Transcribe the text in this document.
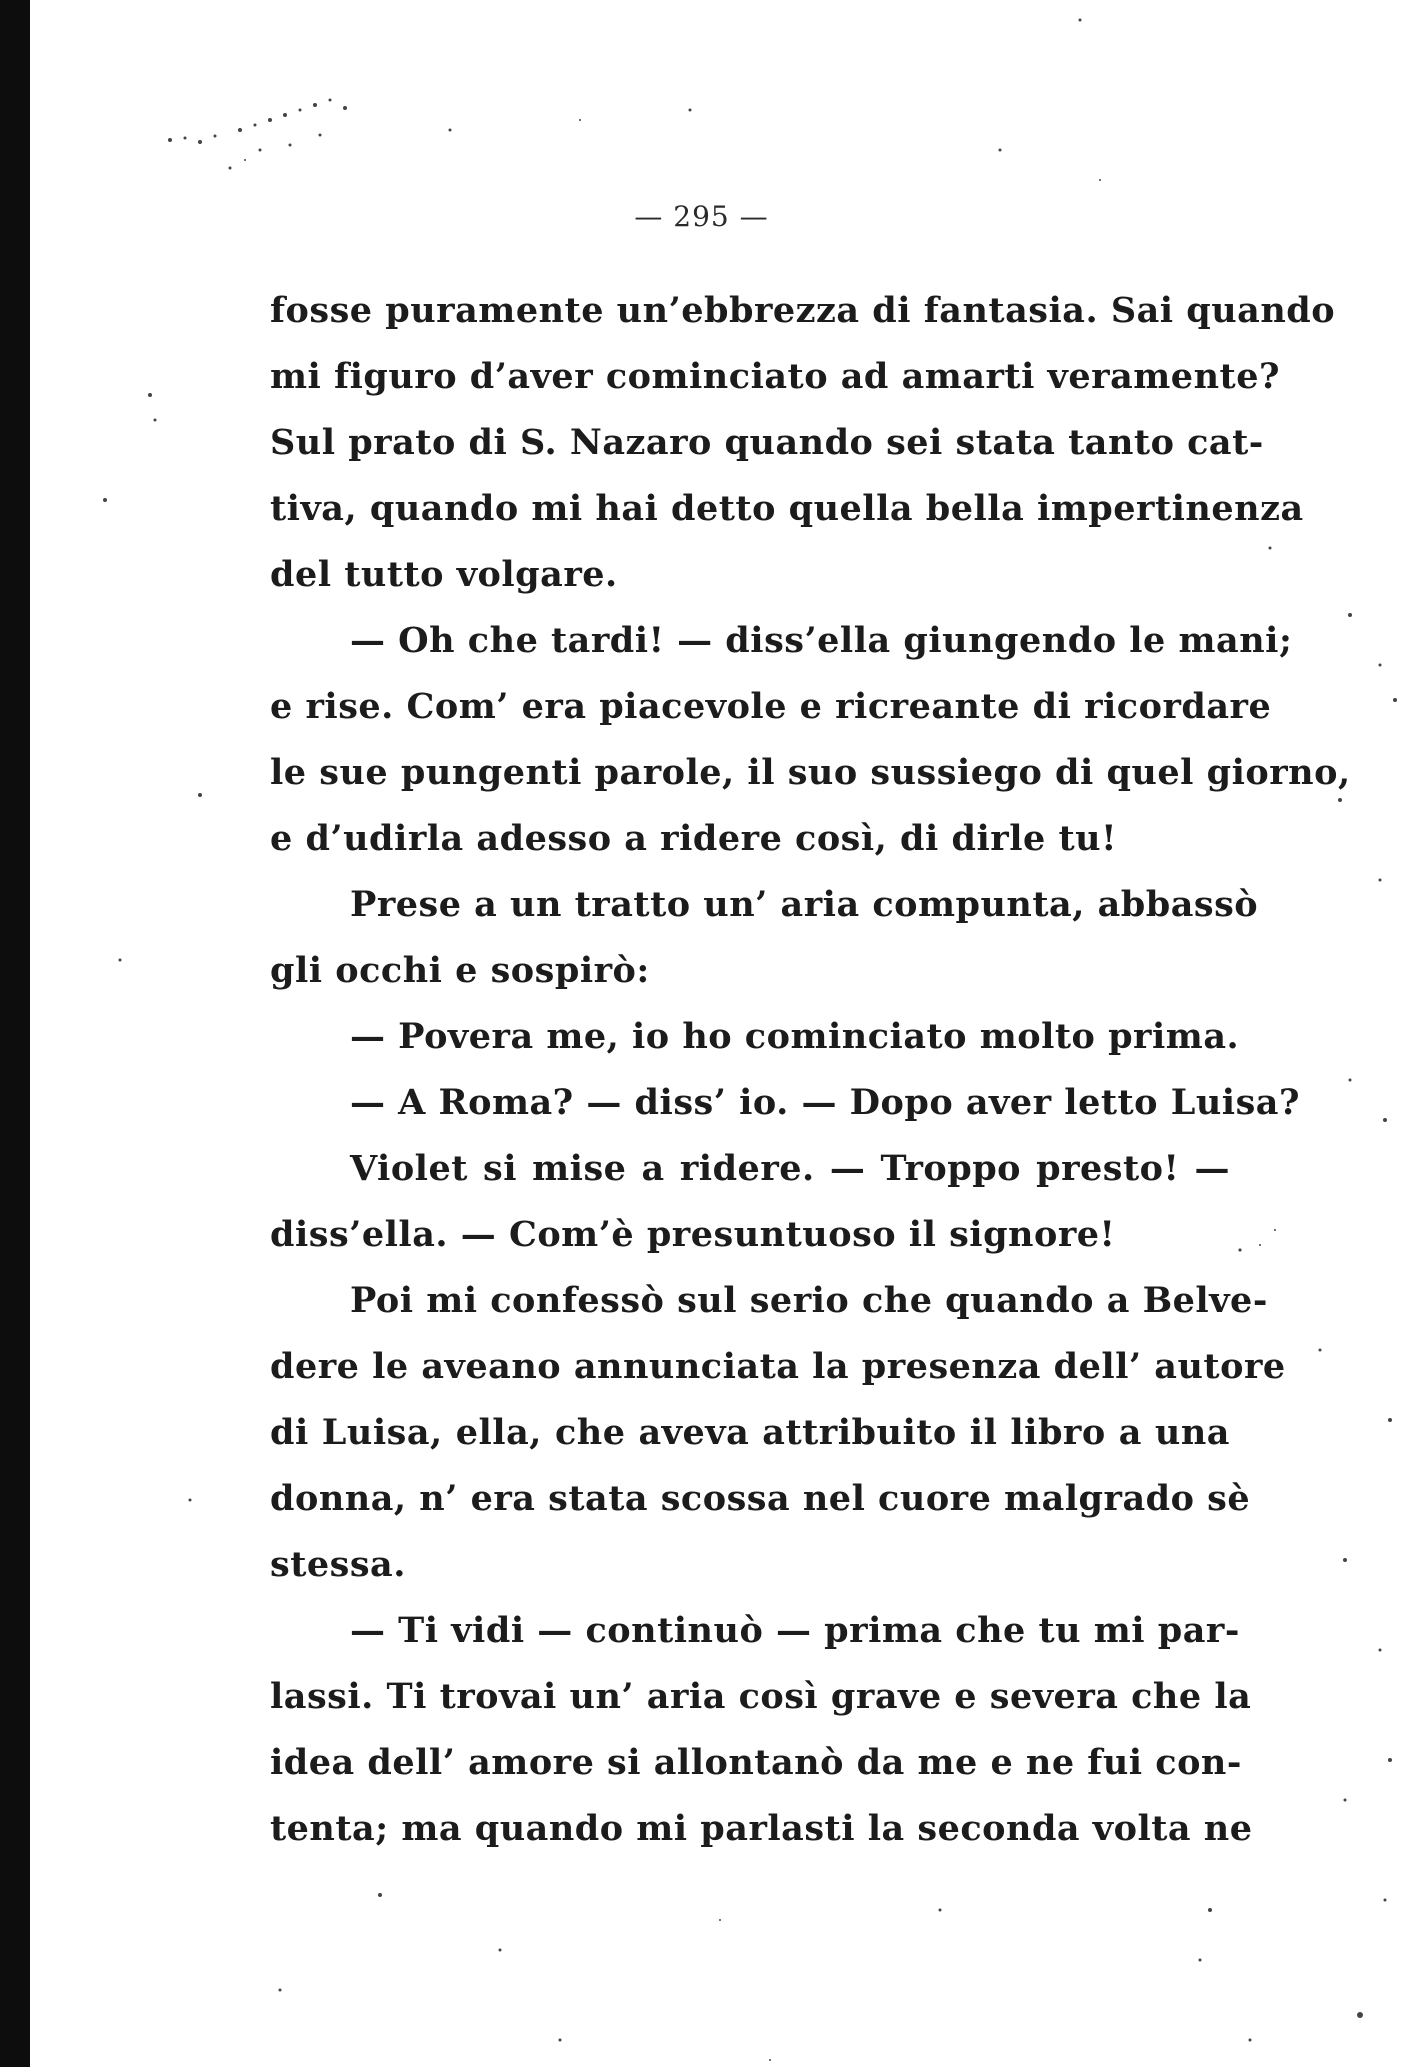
— 295 —
fosse puramente un’ebbrezza di fantasia. Sai quando
mi figuro d’aver cominciato ad amarti veramente?
Sul prato di S. Nazaro quando sei stata tanto cat-
tiva, quando mi hai detto quella bella impertinenza
del tutto volgare.
— Oh che tardi! — diss’ella giungendo le mani;
e rise. Com’ era piacevole e ricreante di ricordare
le sue pungenti parole, il suo sussiego di quel giorno,
e d’udirla adesso a ridere così, di dirle tu!
Prese a un tratto un’ aria compunta, abbassò
gli occhi e sospirò:
— Povera me, io ho cominciato molto prima.
— A Roma? — diss’ io. — Dopo aver letto Luisa?
Violet si mise a ridere. — Troppo presto! —
diss’ella. — Com’è presuntuoso il signore!
Poi mi confessò sul serio che quando a Belve-
dere le aveano annunciata la presenza dell’ autore
di Luisa, ella, che aveva attribuito il libro a una
donna, n’ era stata scossa nel cuore malgrado sè
stessa.
— Ti vidi — continuò — prima che tu mi par-
lassi. Ti trovai un’ aria così grave e severa che la
idea dell’ amore si allontanò da me e ne fui con-
tenta; ma quando mi parlasti la seconda volta ne
